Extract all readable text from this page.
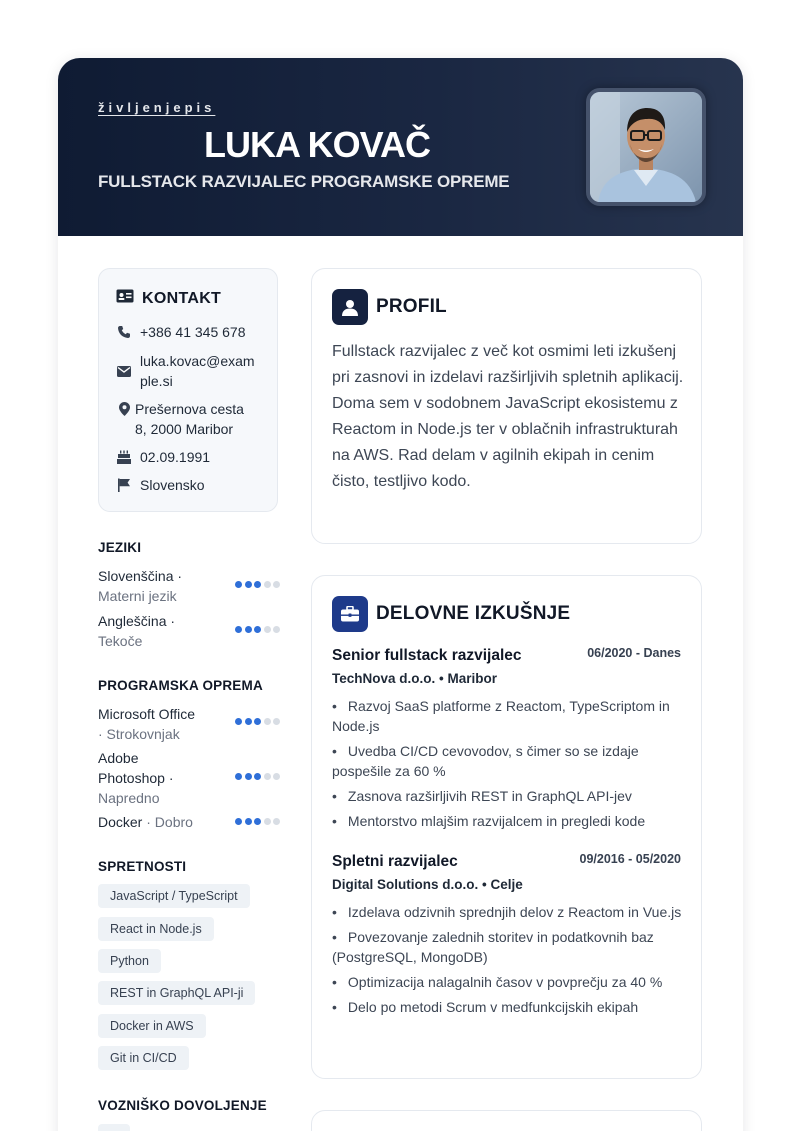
življenjepis
LUKA KOVAČ
FULLSTACK RAZVIJALEC PROGRAMSKE OPREME
KONTAKT
+386 41 345 678
luka.kovac@exam
ple.si
Prešernova cesta
8, 2000 Maribor
02.09.1991
Slovensko
JEZIKI
Slovenščina ·
Materni jezik
Angleščina ·
Tekoče
PROGRAMSKA OPREMA
Microsoft Office
· Strokovnjak
Adobe
Photoshop ·
Napredno
Docker · Dobro
SPRETNOSTI
JavaScript / TypeScript
React in Node.js
Python
REST in GraphQL API-ji
Docker in AWS
Git in CI/CD
VOZNIŠKO DOVOLJENJE
PROFIL
Fullstack razvijalec z več kot osmimi leti izkušenj pri zasnovi in izdelavi razširljivih spletnih aplikacij. Doma sem v sodobnem JavaScript ekosistemu z Reactom in Node.js ter v oblačnih infrastrukturah na AWS. Rad delam v agilnih ekipah in cenim čisto, testljivo kodo.
DELOVNE IZKUŠNJE
Senior fullstack razvijalec	06/2020 - Danes
TechNova d.o.o. • Maribor
• Razvoj SaaS platforme z Reactom, TypeScriptom in Node.js
• Uvedba CI/CD cevovodov, s čimer so se izdaje pospešile za 60 %
• Zasnova razširljivih REST in GraphQL API-jev
• Mentorstvo mlajšim razvijalcem in pregledi kode
Spletni razvijalec	09/2016 - 05/2020
Digital Solutions d.o.o. • Celje
• Izdelava odzivnih sprednjih delov z Reactom in Vue.js
• Povezovanje zalednih storitev in podatkovnih baz (PostgreSQL, MongoDB)
• Optimizacija nalagalnih časov v povprečju za 40 %
• Delo po metodi Scrum v medfunkcijskih ekipah
